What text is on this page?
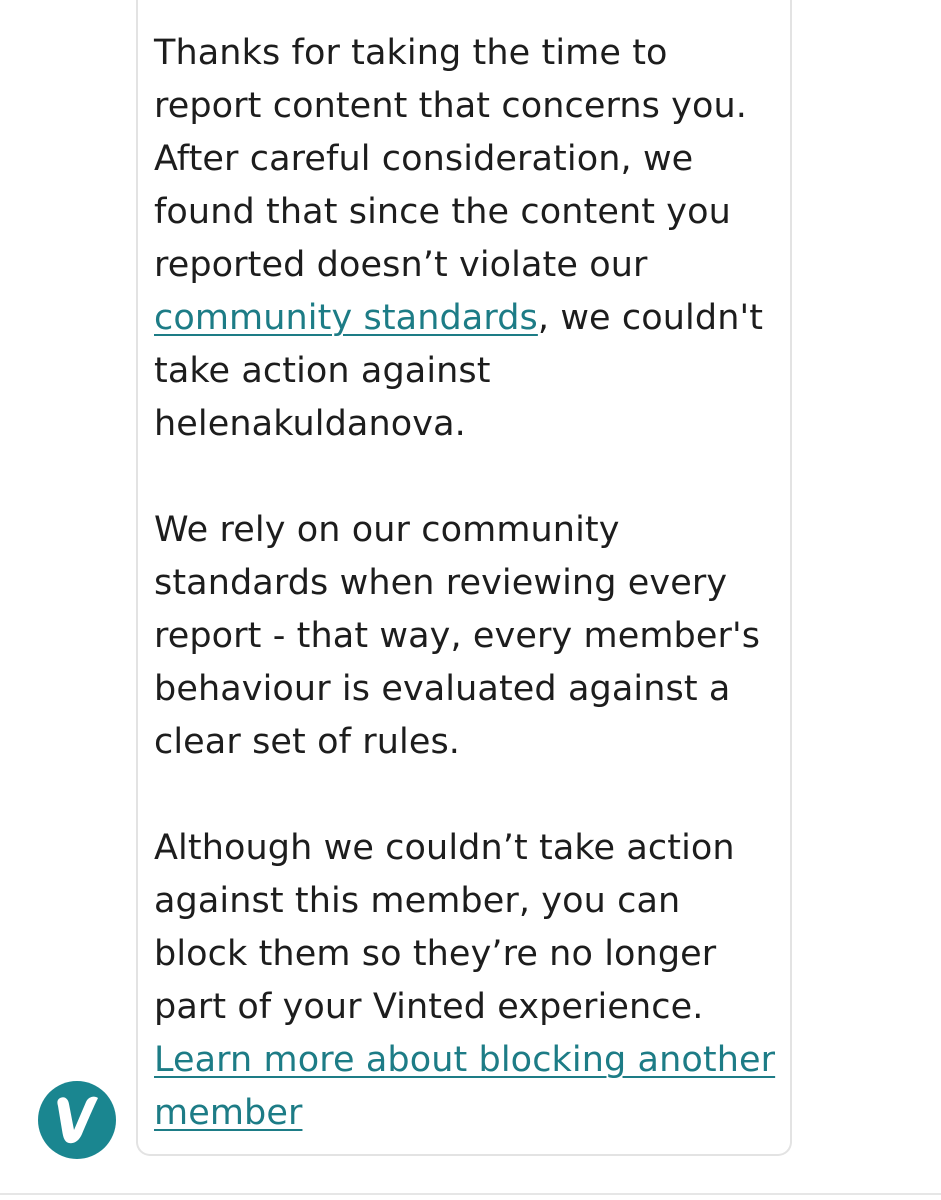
Thanks for taking the time to report content that concerns you. After careful consideration, we found that since the content you reported doesn’t violate our community standards, we couldn't take action against helenakuldanova.

We rely on our community standards when reviewing every report - that way, every member's behaviour is evaluated against a clear set of rules.

Although we couldn’t take action against this member, you can block them so they’re no longer part of your Vinted experience.
Learn more about blocking another member
